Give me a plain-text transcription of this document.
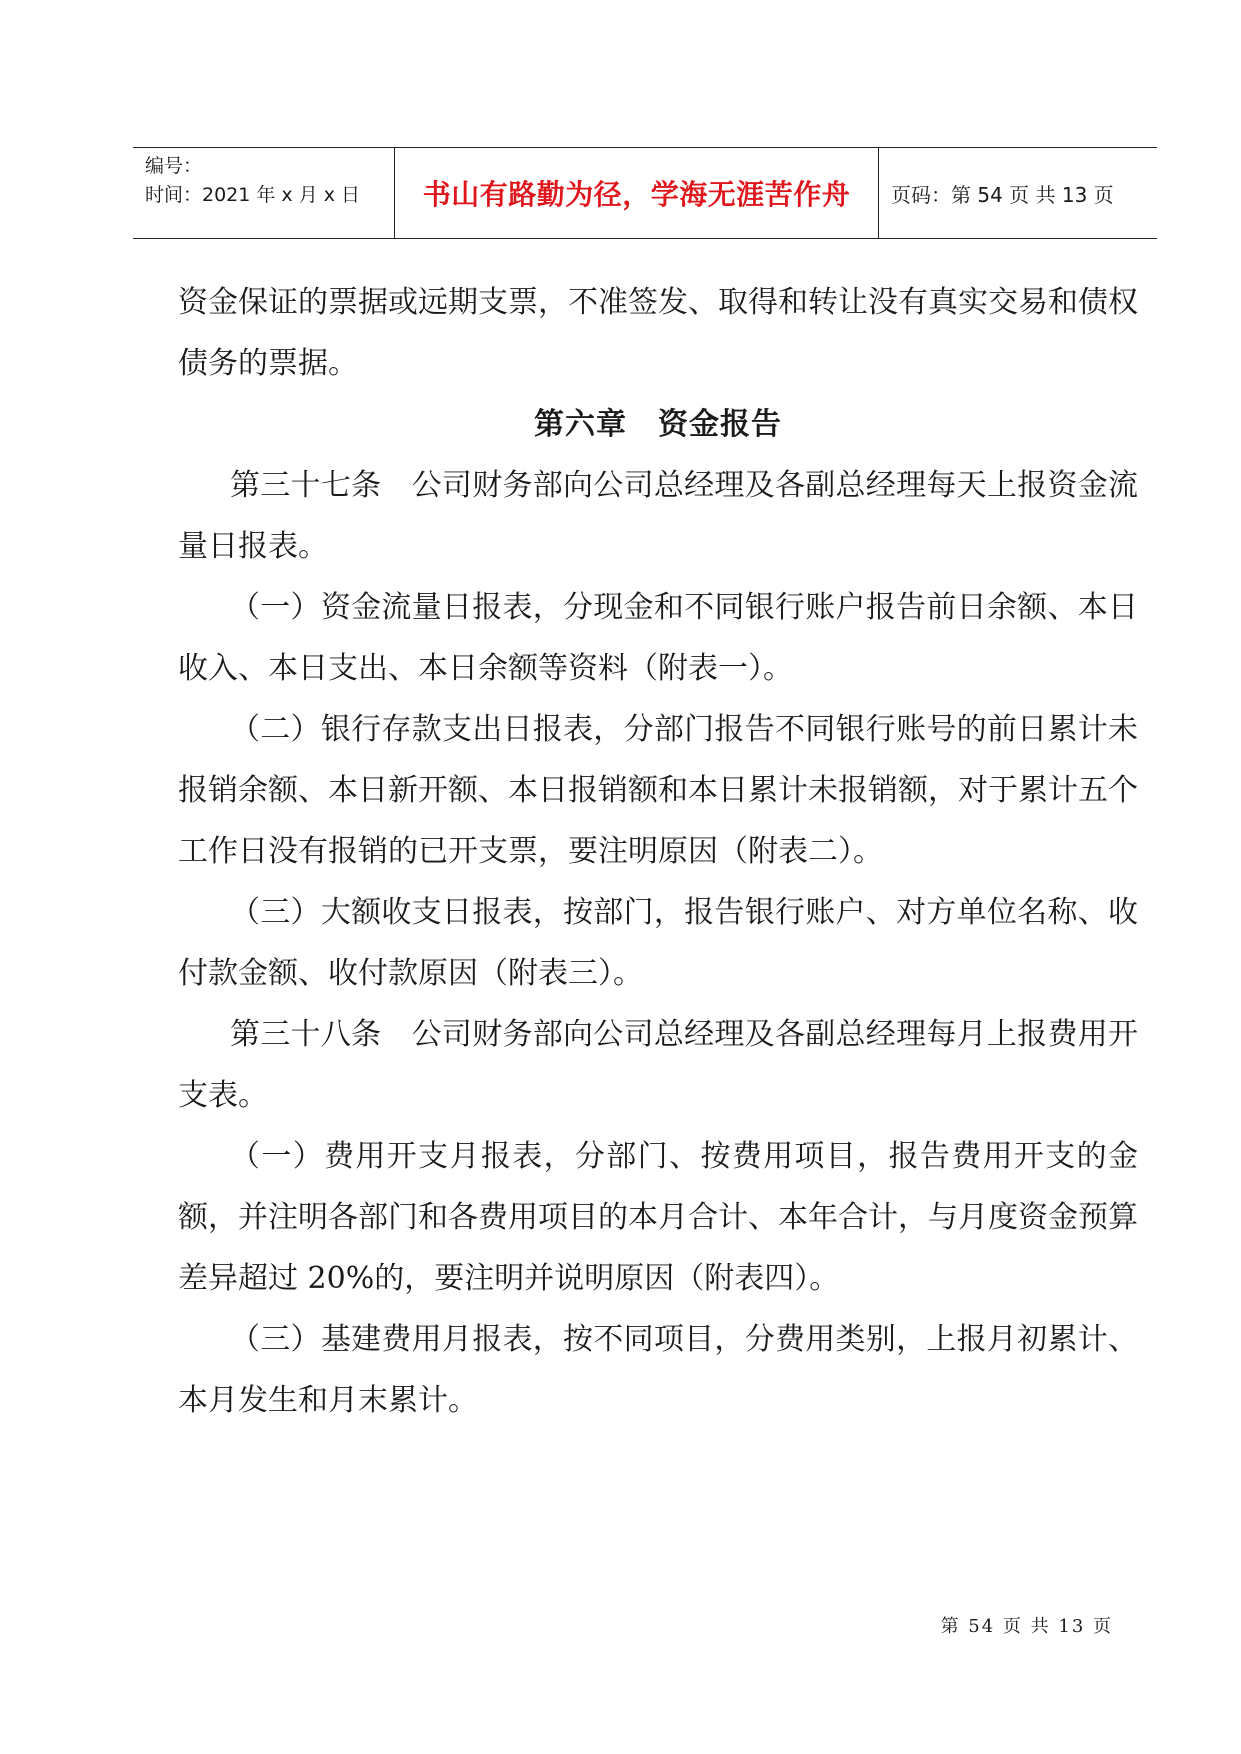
编号：
时间：2021 年 x 月 x 日	书山有路勤为径，学海无涯苦作舟	页码：第 54 页 共 13 页

资金保证的票据或远期支票，不准签发、取得和转让没有真实交易和债权债务的票据。

第六章　资金报告

第三十七条　公司财务部向公司总经理及各副总经理每天上报资金流量日报表。

（一）资金流量日报表，分现金和不同银行账户报告前日余额、本日收入、本日支出、本日余额等资料（附表一）。

（二）银行存款支出日报表，分部门报告不同银行账号的前日累计未报销余额、本日新开额、本日报销额和本日累计未报销额，对于累计五个工作日没有报销的已开支票，要注明原因（附表二）。

（三）大额收支日报表，按部门，报告银行账户、对方单位名称、收付款金额、收付款原因（附表三）。

第三十八条　公司财务部向公司总经理及各副总经理每月上报费用开支表。

（一）费用开支月报表，分部门、按费用项目，报告费用开支的金额，并注明各部门和各费用项目的本月合计、本年合计，与月度资金预算差异超过 20%的，要注明并说明原因（附表四）。

（三）基建费用月报表，按不同项目，分费用类别，上报月初累计、本月发生和月末累计。

第 54 页 共 13 页
